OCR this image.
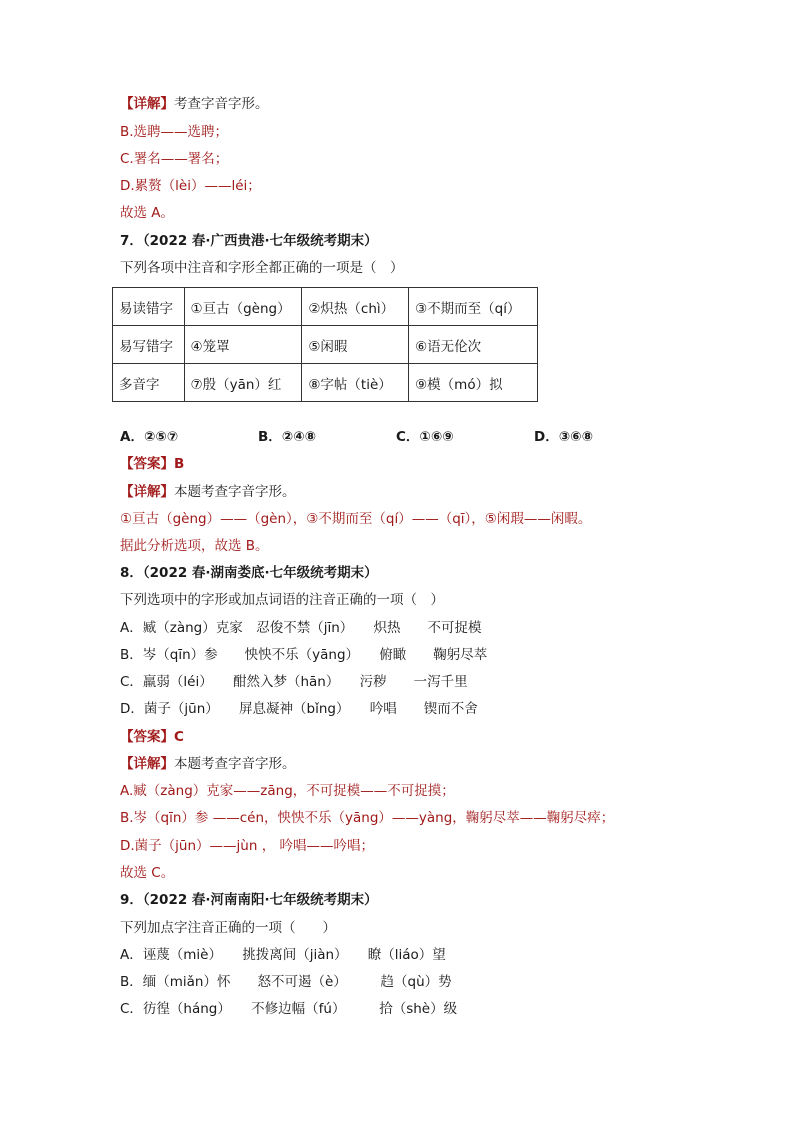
【详解】考查字音字形。
B.选聘——选聘；
C.署名——署名；
D.累赘（lèi）——léi；
故选 A。
7．（2022 春·广西贵港·七年级统考期末）
下列各项中注音和字形全都正确的一项是（　）
易读错字	①亘古（gèng）	②炽热（chì）	③不期而至（qí）
易写错字	④笼罩	⑤闲暇	⑥语无伦次
多音字	⑦殷（yān）红	⑧字帖（tiè）	⑨模（mó）拟
A．②⑤⑦	B．②④⑧	C．①⑥⑨	D．③⑥⑧
【答案】B
【详解】本题考查字音字形。
①亘古（gèng）——（gèn），③不期而至（qí）——（qī），⑤闲瑕——闲暇。
据此分析选项，故选 B。
8．（2022 春·湖南娄底·七年级统考期末）
下列选项中的字形或加点词语的注音正确的一项（　）
A．臧（zàng）克家　忍俊不禁（jīn）　　炽热　　不可捉模
B．岑（qīn）参　　怏怏不乐（yāng）　　俯瞰　　鞠躬尽萃
C．羸弱（léi）　　酣然入梦（hān）　　污秽　　一泻千里
D．菌子（jūn）　　屏息凝神（bǐng）　　吟唱　　锲而不舍
【答案】C
【详解】本题考查字音字形。
A.臧（zàng）克家——zāng，不可捉模——不可捉摸；
B.岑（qīn）参 ——cén，怏怏不乐（yāng）——yàng，鞠躬尽萃——鞠躬尽瘁；
D.菌子（jūn）——jùn ， 吟唱——吟唱；
故选 C。
9．（2022 春·河南南阳·七年级统考期末）
下列加点字注音正确的一项（　　）
A．诬蔑（miè）　　挑拨离间（jiàn）　　瞭（liáo）望
B．缅（miǎn）怀　　怒不可遏（è）　　　趋（qù）势
C．彷徨（háng）　　不修边幅（fú）　　　拾（shè）级
